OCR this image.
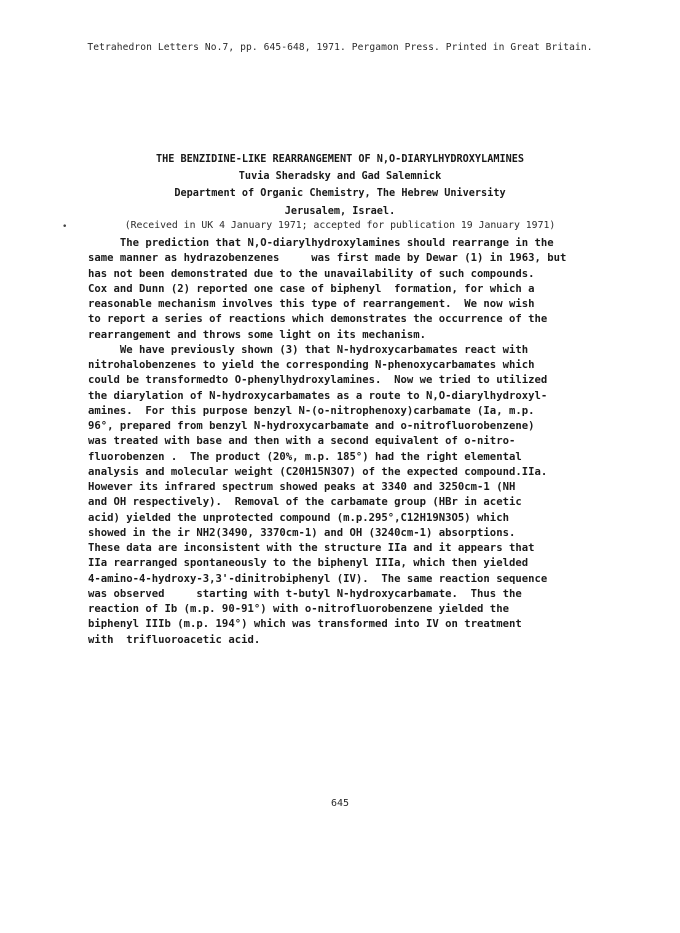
Tetrahedron Letters No.7, pp. 645-648, 1971. Pergamon Press. Printed in Great Britain.
THE BENZIDINE-LIKE REARRANGEMENT OF N,O-DIARYLHYDROXYLAMINES
Tuvia Sheradsky and Gad Salemnick
Department of Organic Chemistry, The Hebrew University
Jerusalem, Israel.
•	(Received in UK 4 January 1971; accepted for publication 19 January 1971)

The prediction that N,O-diarylhydroxylamines should rearrange in the

same manner as hydrazobenzenes     was first made by Dewar (1) in 1963, but

has not been demonstrated due to the unavailability of such compounds.

Cox and Dunn (2) reported one case of biphenyl  formation, for which a

reasonable mechanism involves this type of rearrangement.  We now wish

to report a series of reactions which demonstrates the occurrence of the

rearrangement and throws some light on its mechanism.

We have previously shown (3) that N-hydroxycarbamates react with

nitrohalobenzenes to yield the corresponding N-phenoxycarbamates which

could be transformedto O-phenylhydroxylamines.  Now we tried to utilized

the diarylation of N-hydroxycarbamates as a route to N,O-diarylhydroxyl-

amines.  For this purpose benzyl N-(o-nitrophenoxy)carbamate (Ia, m.p.

96°, prepared from benzyl N-hydroxycarbamate and o-nitrofluorobenzene)

was treated with base and then with a second equivalent of o-nitro-

fluorobenzen .  The product (20%, m.p. 185°) had the right elemental

analysis and molecular weight (C20H15N3O7) of the expected compound.IIa.

However its infrared spectrum showed peaks at 3340 and 3250cm-1 (NH

and OH respectively).  Removal of the carbamate group (HBr in acetic

acid) yielded the unprotected compound (m.p.295°,C12H19N3O5) which

showed in the ir NH2(3490, 3370cm-1) and OH (3240cm-1) absorptions.

These data are inconsistent with the structure IIa and it appears that

IIa rearranged spontaneously to the biphenyl IIIa, which then yielded

4-amino-4-hydroxy-3,3'-dinitrobiphenyl (IV).  The same reaction sequence

was observed     starting with t-butyl N-hydroxycarbamate.  Thus the

reaction of Ib (m.p. 90-91°) with o-nitrofluorobenzene yielded the

biphenyl IIIb (m.p. 194°) which was transformed into IV on treatment

with  trifluoroacetic acid.

645
